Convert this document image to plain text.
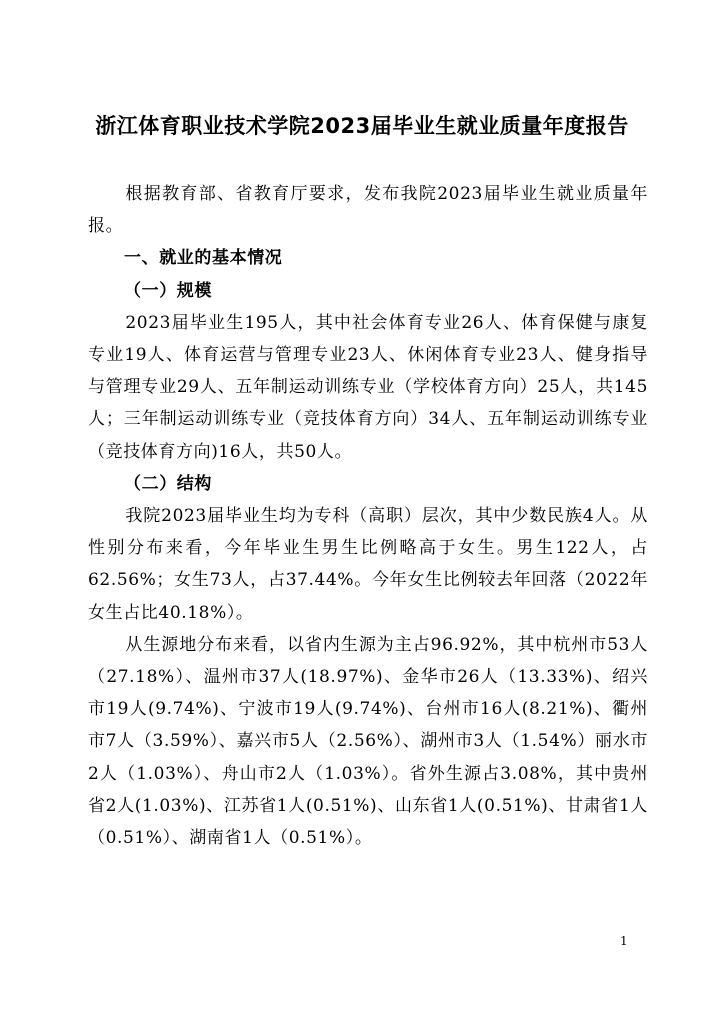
浙江体育职业技术学院2023届毕业生就业质量年度报告

根据教育部、省教育厅要求，发布我院2023届毕业生就业质量年报。

一、就业的基本情况

（一）规模

2023届毕业生195人，其中社会体育专业26人、体育保健与康复专业19人、体育运营与管理专业23人、休闲体育专业23人、健身指导与管理专业29人、五年制运动训练专业（学校体育方向）25人，共145人；三年制运动训练专业（竞技体育方向）34人、五年制运动训练专业（竞技体育方向)16人，共50人。

（二）结构

我院2023届毕业生均为专科（高职）层次，其中少数民族4人。从性别分布来看，今年毕业生男生比例略高于女生。男生122人，占62.56%；女生73人，占37.44%。今年女生比例较去年回落（2022年女生占比40.18%）。

从生源地分布来看，以省内生源为主占96.92%，其中杭州市53人（27.18%）、温州市37人(18.97%)、金华市26人（13.33%)、绍兴市19人(9.74%)、宁波市19人(9.74%)、台州市16人(8.21%)、衢州市7人（3.59%）、嘉兴市5人（2.56%）、湖州市3人（1.54%）丽水市2人（1.03%）、舟山市2人（1.03%）。省外生源占3.08%，其中贵州省2人(1.03%)、江苏省1人(0.51%)、山东省1人(0.51%)、甘肃省1人（0.51%）、湖南省1人（0.51%）。

1
